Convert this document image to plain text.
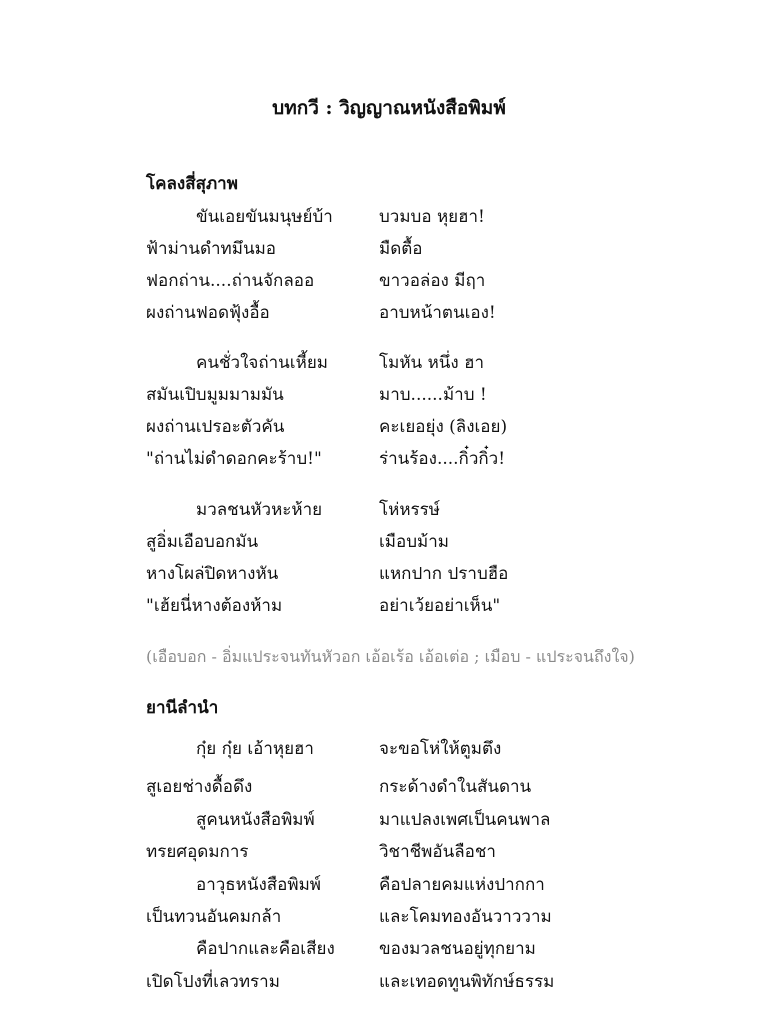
บทกวี : วิญญาณหนังสือพิมพ์
โคลงสี่สุภาพ
ขันเอยขันมนุษย์บ้า	บวมบอ หุยฮา!
ฟ้าม่านดำทมึนมอ	มืดตื้อ
ฟอกถ่าน....ถ่านจักลออ	ขาวอล่อง มีฤา
ผงถ่านฟอดฟุ้งอื้อ	อาบหน้าตนเอง!
คนชั่วใจถ่านเหี้ยม	โมหัน หนึ่ง ฮา
สมันเปิบมูมมามมัน	มาบ......ม้าบ !
ผงถ่านเปรอะตัวคัน	คะเยอยุ่ง (ลิงเอย)
"ถ่านไม่ดำดอกคะร้าบ!"	ร่านร้อง....กิ๋วกิ๋ว!
มวลชนหัวหะห้าย	โห่หรรษ์
สูอิ่มเอือบอกมัน	เมือบม้าม
หางโผล่ปิดหางหัน	แหกปาก ปราบฮือ
"เฮ้ยนี่หางต้องห้าม	อย่าเว้ยอย่าเห็น"
(เอือบอก - อิ่มแประจนทันหัวอก เอ้อเร้อ เอ้อเต่อ ; เมือบ - แประจนถึงใจ)
ยานีลำนำ
กุ๋ย กุ๋ย เอ้าหุยฮา	จะขอโห่ให้ตูมตึง
สูเอยช่างดื้อดึง	กระด้างดำในสันดาน
สูคนหนังสือพิมพ์	มาแปลงเพศเป็นคนพาล
ทรยศอุดมการ	วิชาชีพอันลือชา
อาวุธหนังสือพิมพ์	คือปลายคมแห่งปากกา
เป็นทวนอันคมกล้า	และโคมทองอันวาววาม
คือปากและคือเสียง	ของมวลชนอยู่ทุกยาม
เปิดโปงที่เลวทราม	และเทอดทูนพิทักษ์ธรรม
